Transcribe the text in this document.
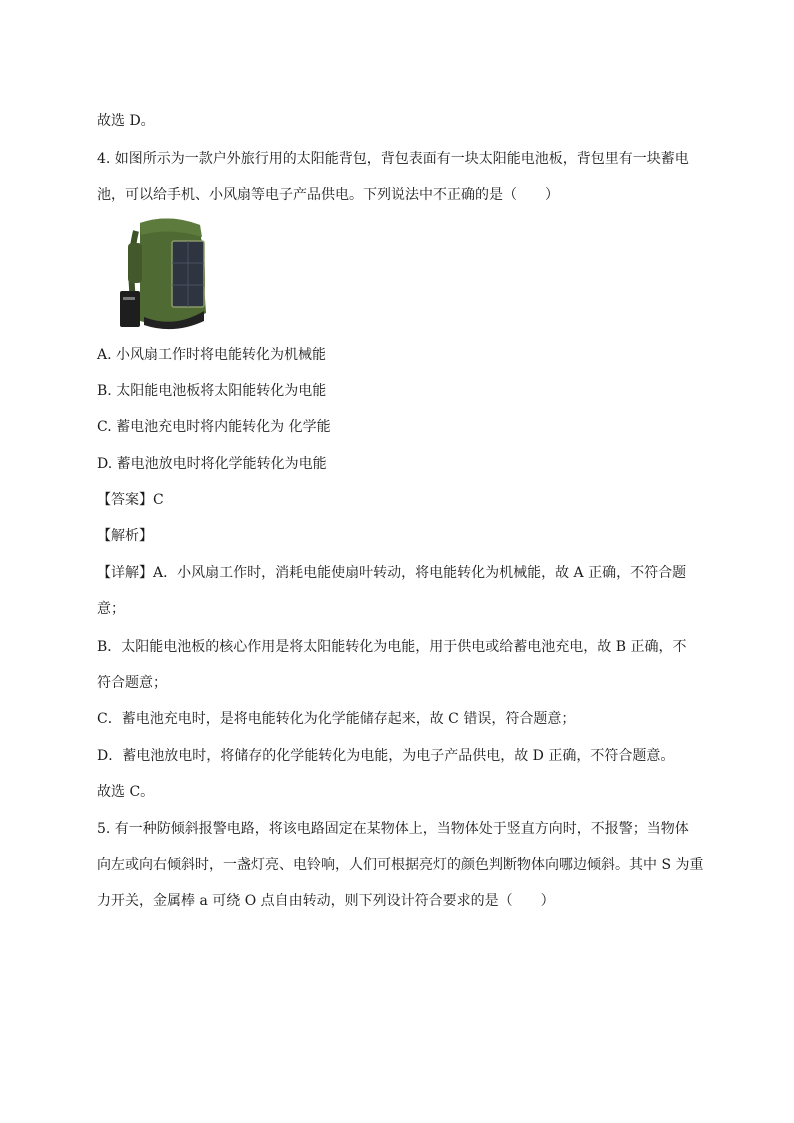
故选 D。
4. 如图所示为一款户外旅行用的太阳能背包，背包表面有一块太阳能电池板，背包里有一块蓄电
池，可以给手机、小风扇等电子产品供电。下列说法中不正确的是（　　）
A. 小风扇工作时将电能转化为机械能
B. 太阳能电池板将太阳能转化为电能
C. 蓄电池充电时将内能转化为 化学能
D. 蓄电池放电时将化学能转化为电能
【答案】C
【解析】
【详解】A．小风扇工作时，消耗电能使扇叶转动，将电能转化为机械能，故 A 正确，不符合题
意；
B．太阳能电池板的核心作用是将太阳能转化为电能，用于供电或给蓄电池充电，故 B 正确，不
符合题意；
C．蓄电池充电时，是将电能转化为化学能储存起来，故 C 错误，符合题意；
D．蓄电池放电时，将储存的化学能转化为电能，为电子产品供电，故 D 正确，不符合题意。
故选 C。
5. 有一种防倾斜报警电路，将该电路固定在某物体上，当物体处于竖直方向时，不报警；当物体
向左或向右倾斜时，一盏灯亮、电铃响，人们可根据亮灯的颜色判断物体向哪边倾斜。其中 S 为重
力开关，金属棒 a 可绕 O 点自由转动，则下列设计符合要求的是（　　）
